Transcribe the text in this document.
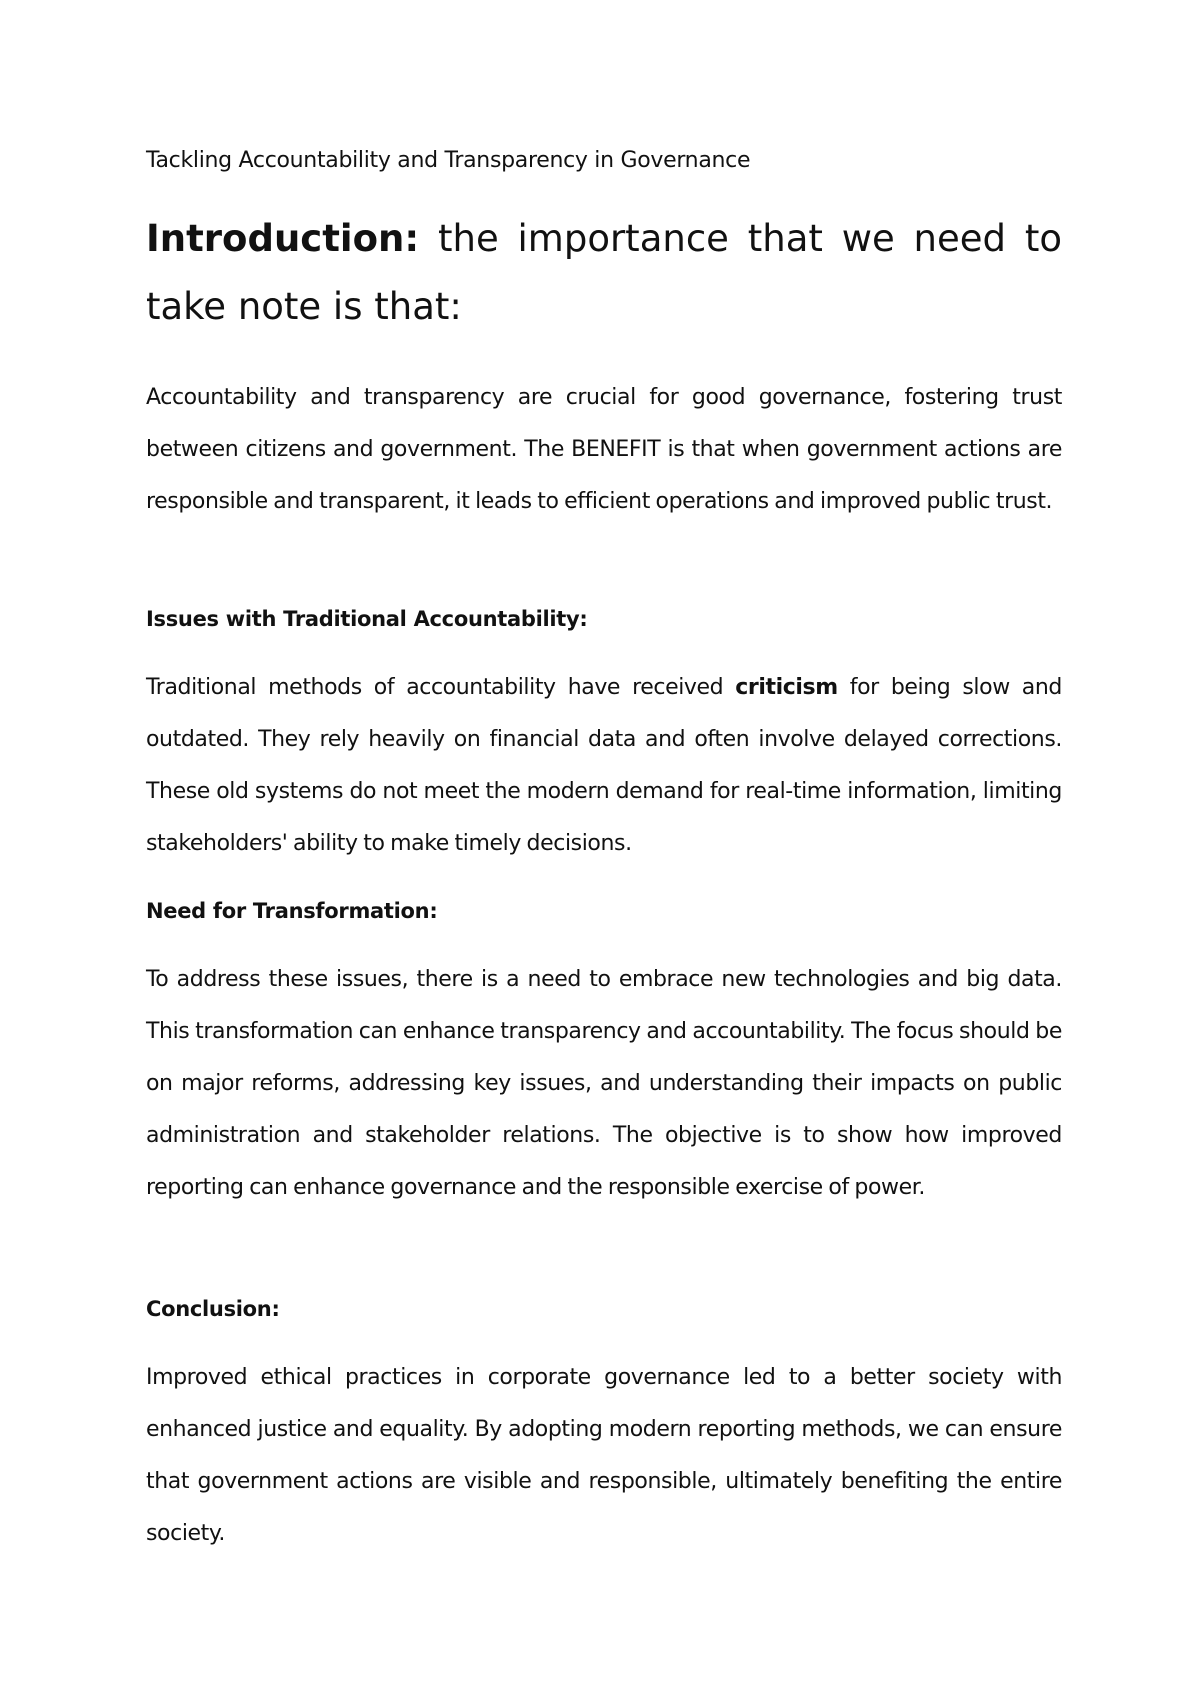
Tackling Accountability and Transparency in Governance
Introduction: the importance that we need to take note is that:
Accountability and transparency are crucial for good governance, fostering trust between citizens and government. The BENEFIT is that when government actions are responsible and transparent, it leads to efficient operations and improved public trust.
Issues with Traditional Accountability:
Traditional methods of accountability have received criticism for being slow and outdated. They rely heavily on financial data and often involve delayed corrections. These old systems do not meet the modern demand for real-time information, limiting stakeholders' ability to make timely decisions.
Need for Transformation:
To address these issues, there is a need to embrace new technologies and big data. This transformation can enhance transparency and accountability. The focus should be on major reforms, addressing key issues, and understanding their impacts on public administration and stakeholder relations. The objective is to show how improved reporting can enhance governance and the responsible exercise of power.
Conclusion:
Improved ethical practices in corporate governance led to a better society with enhanced justice and equality. By adopting modern reporting methods, we can ensure that government actions are visible and responsible, ultimately benefiting the entire society.
